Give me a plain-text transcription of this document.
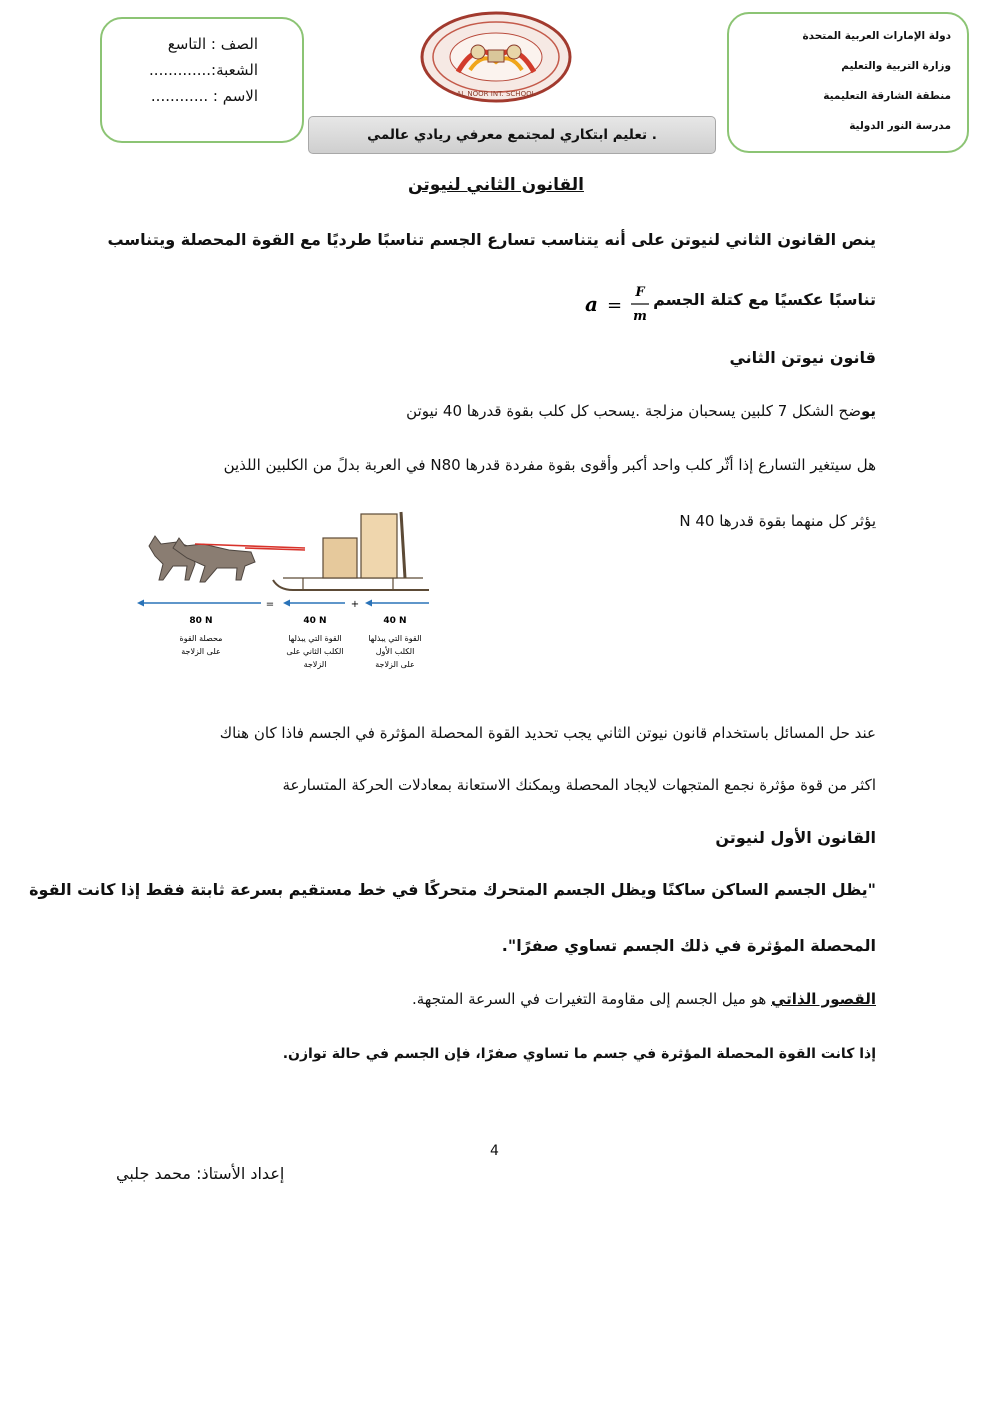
دولة الإمارات العربية المتحدة
وزارة التربية والتعليم
منطقة الشارقة التعليمية
مدرسة النور الدولية
AL NOOR INT. SCHOOL
الصف : التاسع
الشعبة:.............
الاسم : ............
. تعليم ابتكاري لمجتمع معرفي ريادي عالمي
القانون الثاني لنيوتن
ينص القانون الثاني لنيوتن على أنه يتناسب تسارع الجسم تناسبًا طرديًا مع القوة المحصلة ويتناسب
تناسبًا عكسيًا مع كتلة الجسم
a =
F
m
قانون نيوتن الثاني
يوضح الشكل 7 كلبين يسحبان مزلجة .يسحب كل كلب بقوة قدرها 40 نيوتن
هل سيتغير التسارع إذا أثّر كلب واحد أكبر وأقوى بقوة مفردة قدرها N80 في العربة بدلً من الكلبين اللذين
يؤثر كل منهما بقوة قدرها 40 N
=	+
80 N	40 N	40 N
محصلة القوة
على الزلاجة
القوة التي يبذلها
الكلب الثاني على
الزلاجة
القوة التي يبذلها
الكلب الأول
على الزلاجة
عند حل المسائل باستخدام قانون نيوتن الثاني يجب تحديد القوة المحصلة المؤثرة في الجسم فاذا كان هناك
اكثر من قوة مؤثرة نجمع المتجهات لايجاد المحصلة ويمكنك الاستعانة بمعادلات الحركة المتسارعة
القانون الأول لنيوتن
"يظل الجسم الساكن ساكنًا ويظل الجسم المتحرك متحركًا في خط مستقيم بسرعة ثابتة فقط إذا كانت القوة
المحصلة المؤثرة في ذلك الجسم تساوي صفرًا".
القصور الذاتي هو ميل الجسم إلى مقاومة التغيرات في السرعة المتجهة.
إذا كانت القوة المحصلة المؤثرة في جسم ما تساوي صفرًا، فإن الجسم في حالة توازن.
4
إعداد الأستاذ: محمد جلبي
